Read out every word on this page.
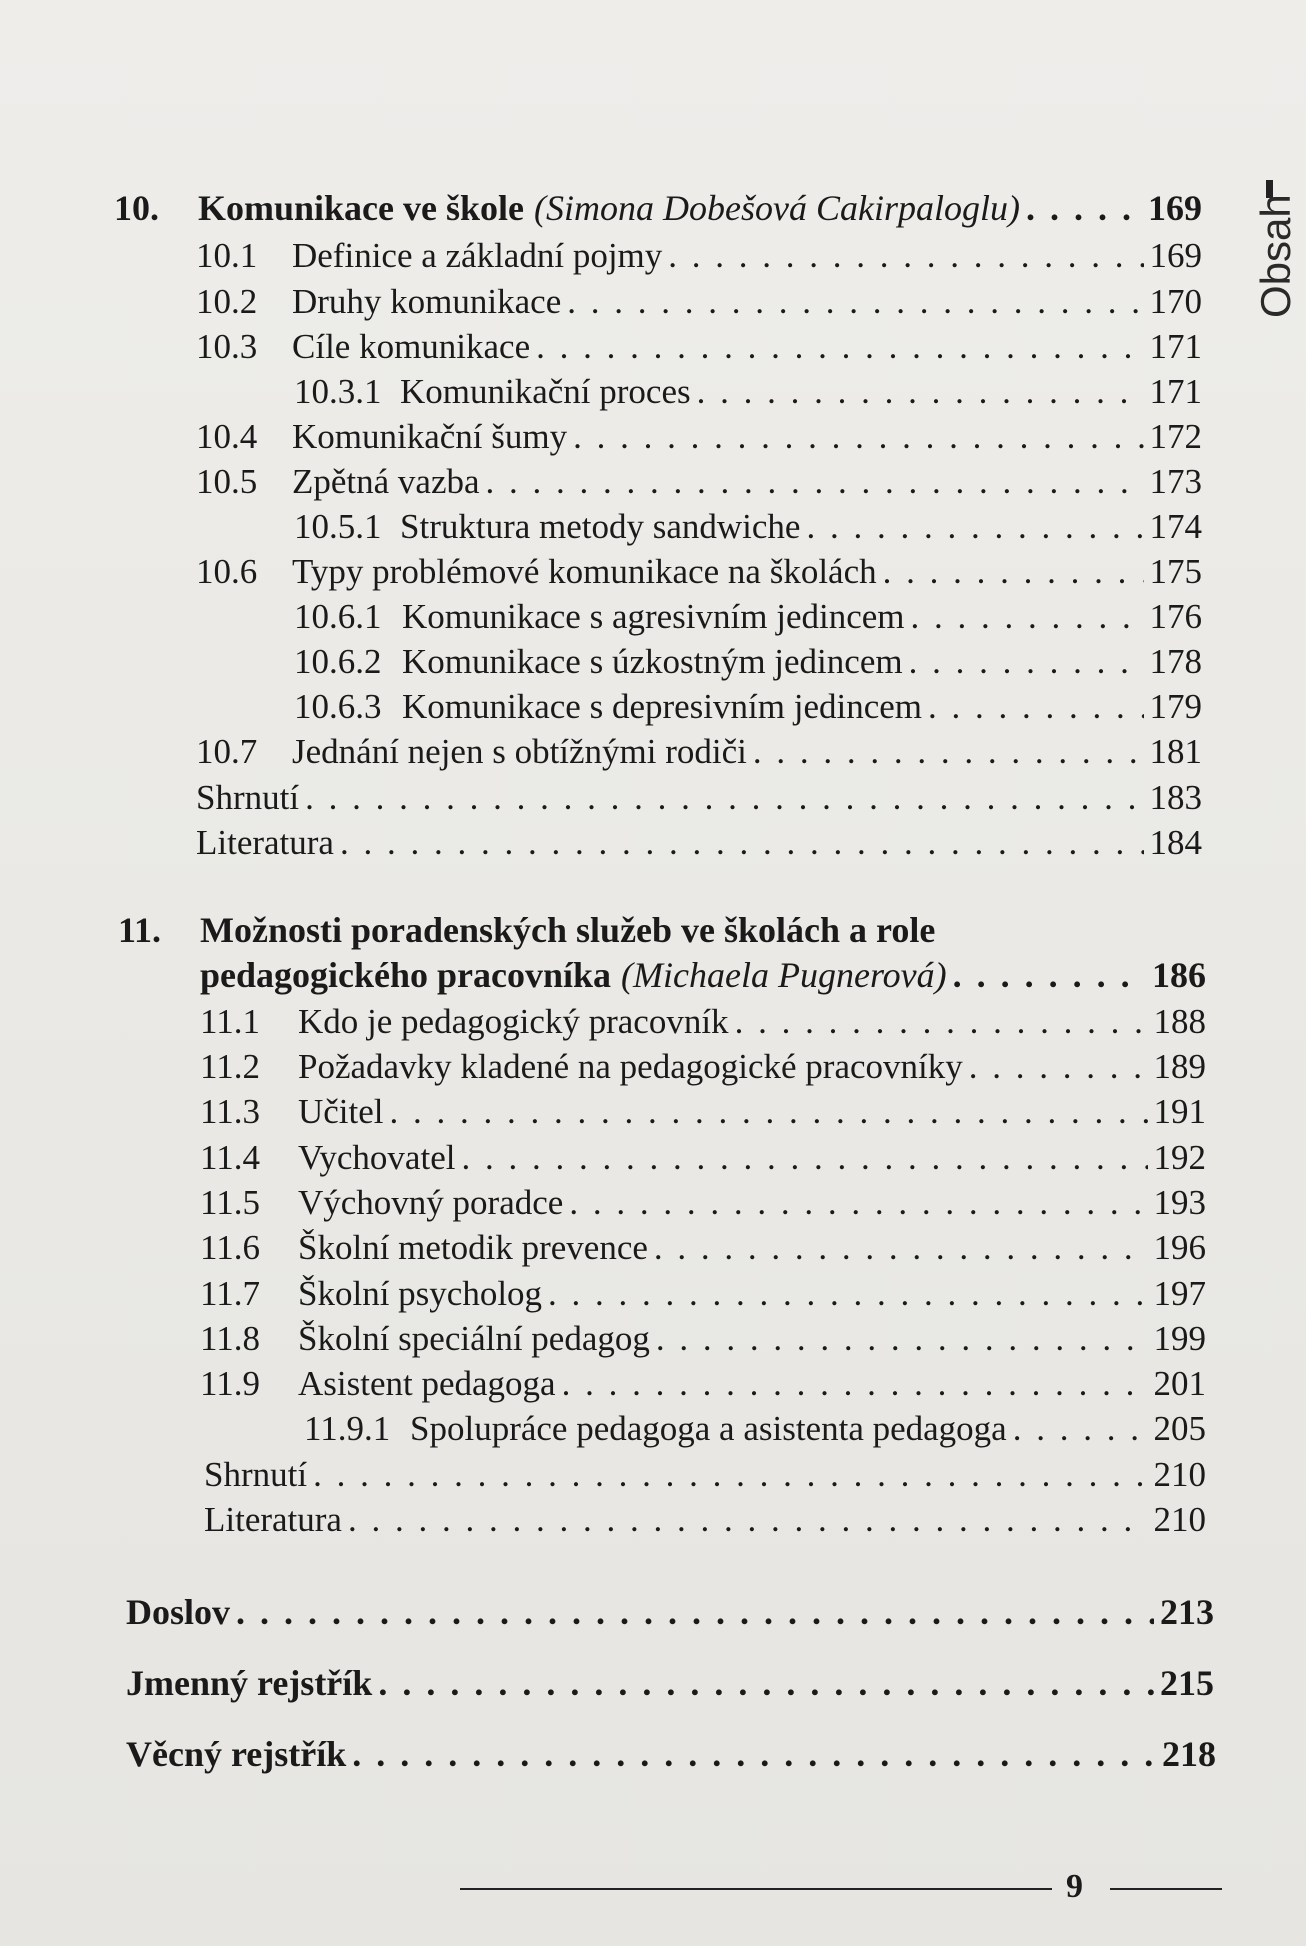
Obsah
10.	Komunikace ve škole (Simona Dobešová Cakirpaloglu) . . .	169
10.1 Definice a základní pojmy . . .	169
10.2 Druhy komunikace . . .	170
10.3 Cíle komunikace . . .	171
10.3.1 Komunikační proces . . .	171
10.4 Komunikační šumy . . .	172
10.5 Zpětná vazba . . .	173
10.5.1 Struktura metody sandwiche . . .	174
10.6 Typy problémové komunikace na školách . . .	175
10.6.1 Komunikace s agresivním jedincem . . .	176
10.6.2 Komunikace s úzkostným jedincem . . .	178
10.6.3 Komunikace s depresivním jedincem . . .	179
10.7 Jednání nejen s obtížnými rodiči . . .	181
Shrnutí . . .	183
Literatura . . .	184
11.	Možnosti poradenských služeb ve školách a role
pedagogického pracovníka (Michaela Pugnerová) . . .	186
11.1	Kdo je pedagogický pracovník . . .	188
11.2	Požadavky kladené na pedagogické pracovníky . . .	189
11.3	Učitel . . .	191
11.4	Vychovatel . . .	192
11.5	Výchovný poradce . . .	193
11.6	Školní metodik prevence . . .	196
11.7	Školní psycholog . . .	197
11.8	Školní speciální pedagog . . .	199
11.9	Asistent pedagoga . . .	201
11.9.1 Spolupráce pedagoga a asistenta pedagoga . . .	205
Shrnutí . . .	210
Literatura . . .	210
Doslov . . .	213
Jmenný rejstřík . . .	215
Věcný rejstřík . . .	218
9
